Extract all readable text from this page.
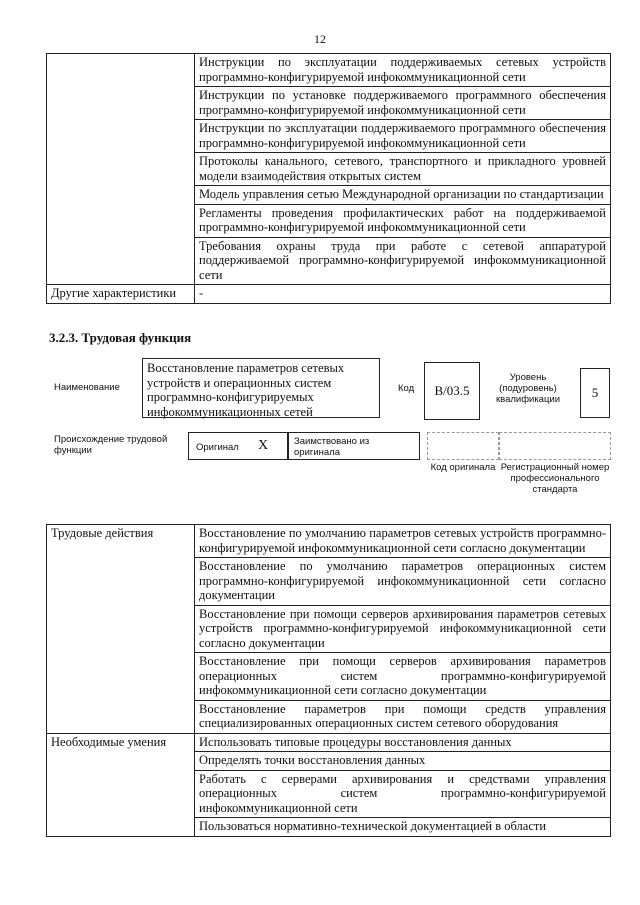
12
	Инструкции по эксплуатации поддерживаемых сетевых устройств программно-конфигурируемой инфокоммуникационной сети
	Инструкции по установке поддерживаемого программного обеспечения программно-конфигурируемой инфокоммуникационной сети
	Инструкции по эксплуатации поддерживаемого программного обеспечения программно-конфигурируемой инфокоммуникационной сети
	Протоколы канального, сетевого, транспортного и прикладного уровней модели взаимодействия открытых систем
	Модель управления сетью Международной организации по стандартизации
	Регламенты проведения профилактических работ на поддерживаемой программно-конфигурируемой инфокоммуникационной сети
	Требования охраны труда при работе с сетевой аппаратурой поддерживаемой программно-конфигурируемой инфокоммуникационной сети
Другие характеристики	-
3.2.3. Трудовая функция
Наименование
Восстановление параметров сетевых устройств и операционных систем программно-конфигурируемых инфокоммуникационных сетей
Код	B/03.5
Уровень (подуровень) квалификации	5
Происхождение трудовой функции	Оригинал X	Заимствовано из оригинала
Код оригинала Регистрационный номер профессионального стандарта
Трудовые действия	Восстановление по умолчанию параметров сетевых устройств программно-конфигурируемой инфокоммуникационной сети согласно документации
	Восстановление по умолчанию параметров операционных систем программно-конфигурируемой инфокоммуникационной сети согласно документации
	Восстановление при помощи серверов архивирования параметров сетевых устройств программно-конфигурируемой инфокоммуникационной сети согласно документации
	Восстановление при помощи серверов архивирования параметров операционных систем программно-конфигурируемой инфокоммуникационной сети согласно документации
	Восстановление параметров при помощи средств управления специализированных операционных систем сетевого оборудования
Необходимые умения	Использовать типовые процедуры восстановления данных
	Определять точки восстановления данных
	Работать с серверами архивирования и средствами управления операционных систем программно-конфигурируемой инфокоммуникационной сети
	Пользоваться нормативно-технической документацией в области
